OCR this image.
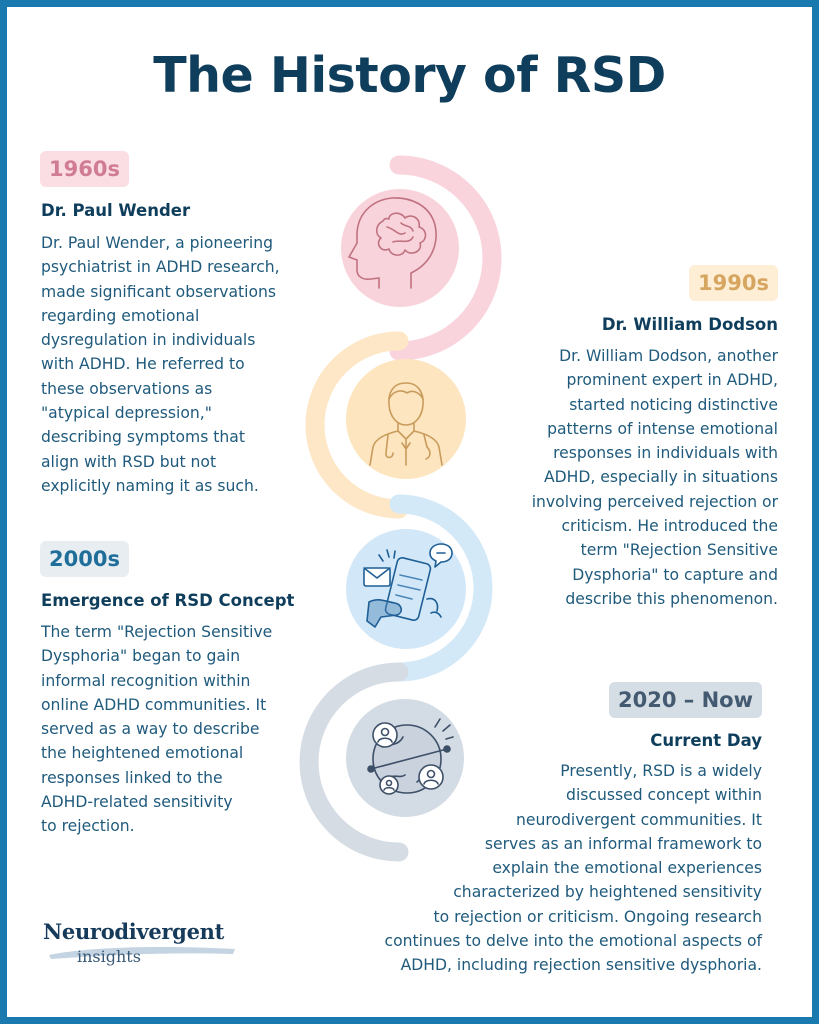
The History of RSD
1960s
Dr. Paul Wender
Dr. Paul Wender, a pioneering
psychiatrist in ADHD research,
made significant observations
regarding emotional
dysregulation in individuals
with ADHD. He referred to
these observations as
"atypical depression,"
describing symptoms that
align with RSD but not
explicitly naming it as such.
1990s
Dr. William Dodson
Dr. William Dodson, another
prominent expert in ADHD,
started noticing distinctive
patterns of intense emotional
responses in individuals with
ADHD, especially in situations
involving perceived rejection or
criticism. He introduced the
term "Rejection Sensitive
Dysphoria" to capture and
describe this phenomenon.
2000s
Emergence of RSD Concept
The term "Rejection Sensitive
Dysphoria" began to gain
informal recognition within
online ADHD communities. It
served as a way to describe
the heightened emotional
responses linked to the
ADHD-related sensitivity
to rejection.
2020 – Now
Current Day
Presently, RSD is a widely
discussed concept within
neurodivergent communities. It
serves as an informal framework to
explain the emotional experiences
characterized by heightened sensitivity
to rejection or criticism. Ongoing research
continues to delve into the emotional aspects of
ADHD, including rejection sensitive dysphoria.
Neurodivergent
insights
